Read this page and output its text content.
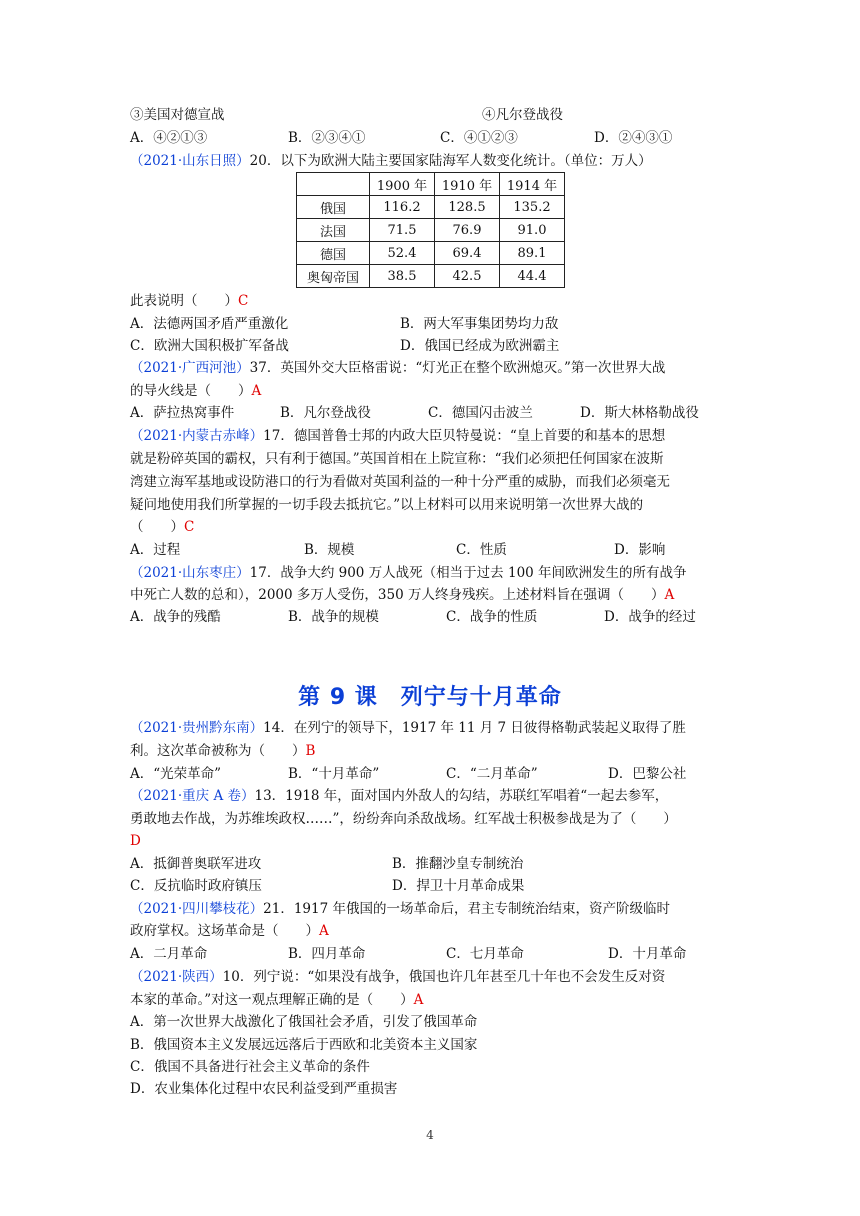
③美国对德宣战	④凡尔登战役
A．④②①③	B．②③④①	C．④①②③	D．②④③①
（2021·山东日照）20．以下为欧洲大陆主要国家陆海军人数变化统计。（单位：万人）
	1900 年	1910 年	1914 年
俄国	116.2	128.5	135.2
法国	71.5	76.9	91.0
德国	52.4	69.4	89.1
奥匈帝国	38.5	42.5	44.4
此表说明（　　）C
A．法德两国矛盾严重激化	B．两大军事集团势均力敌
C．欧洲大国积极扩军备战	D．俄国已经成为欧洲霸主
（2021·广西河池）37．英国外交大臣格雷说：“灯光正在整个欧洲熄灭。”第一次世界大战
的导火线是（　　）A
A．萨拉热窝事件	B．凡尔登战役	C．德国闪击波兰	D．斯大林格勒战役
（2021·内蒙古赤峰）17．德国普鲁士邦的内政大臣贝特曼说：“皇上首要的和基本的思想
就是粉碎英国的霸权，只有利于德国。”英国首相在上院宣称：“我们必须把任何国家在波斯
湾建立海军基地或设防港口的行为看做对英国利益的一种十分严重的威胁，而我们必须毫无
疑问地使用我们所掌握的一切手段去抵抗它。”以上材料可以用来说明第一次世界大战的
（　　）C
A．过程	B．规模	C．性质	D．影响
（2021·山东枣庄）17．战争大约 900 万人战死（相当于过去 100 年间欧洲发生的所有战争
中死亡人数的总和），2000 多万人受伤，350 万人终身残疾。上述材料旨在强调（　　）A
A．战争的残酷	B．战争的规模	C．战争的性质	D．战争的经过
第 9 课　列宁与十月革命
（2021·贵州黔东南）14．在列宁的领导下，1917 年 11 月 7 日彼得格勒武装起义取得了胜
利。这次革命被称为（　　）B
A．“光荣革命”	B．“十月革命”	C．“二月革命”	D．巴黎公社
（2021·重庆 A 卷）13．1918 年，面对国内外敌人的勾结，苏联红军唱着“一起去参军，
勇敢地去作战，为苏维埃政权……”，纷纷奔向杀敌战场。红军战士积极参战是为了（　　）
D
A．抵御普奥联军进攻	B．推翻沙皇专制统治
C．反抗临时政府镇压	D．捍卫十月革命成果
（2021·四川攀枝花）21．1917 年俄国的一场革命后，君主专制统治结束，资产阶级临时
政府掌权。这场革命是（　　）A
A．二月革命	B．四月革命	C．七月革命	D．十月革命
（2021·陕西）10．列宁说：“如果没有战争，俄国也许几年甚至几十年也不会发生反对资
本家的革命。”对这一观点理解正确的是（　　）A
A．第一次世界大战激化了俄国社会矛盾，引发了俄国革命
B．俄国资本主义发展远远落后于西欧和北美资本主义国家
C．俄国不具备进行社会主义革命的条件
D．农业集体化过程中农民利益受到严重损害
4
